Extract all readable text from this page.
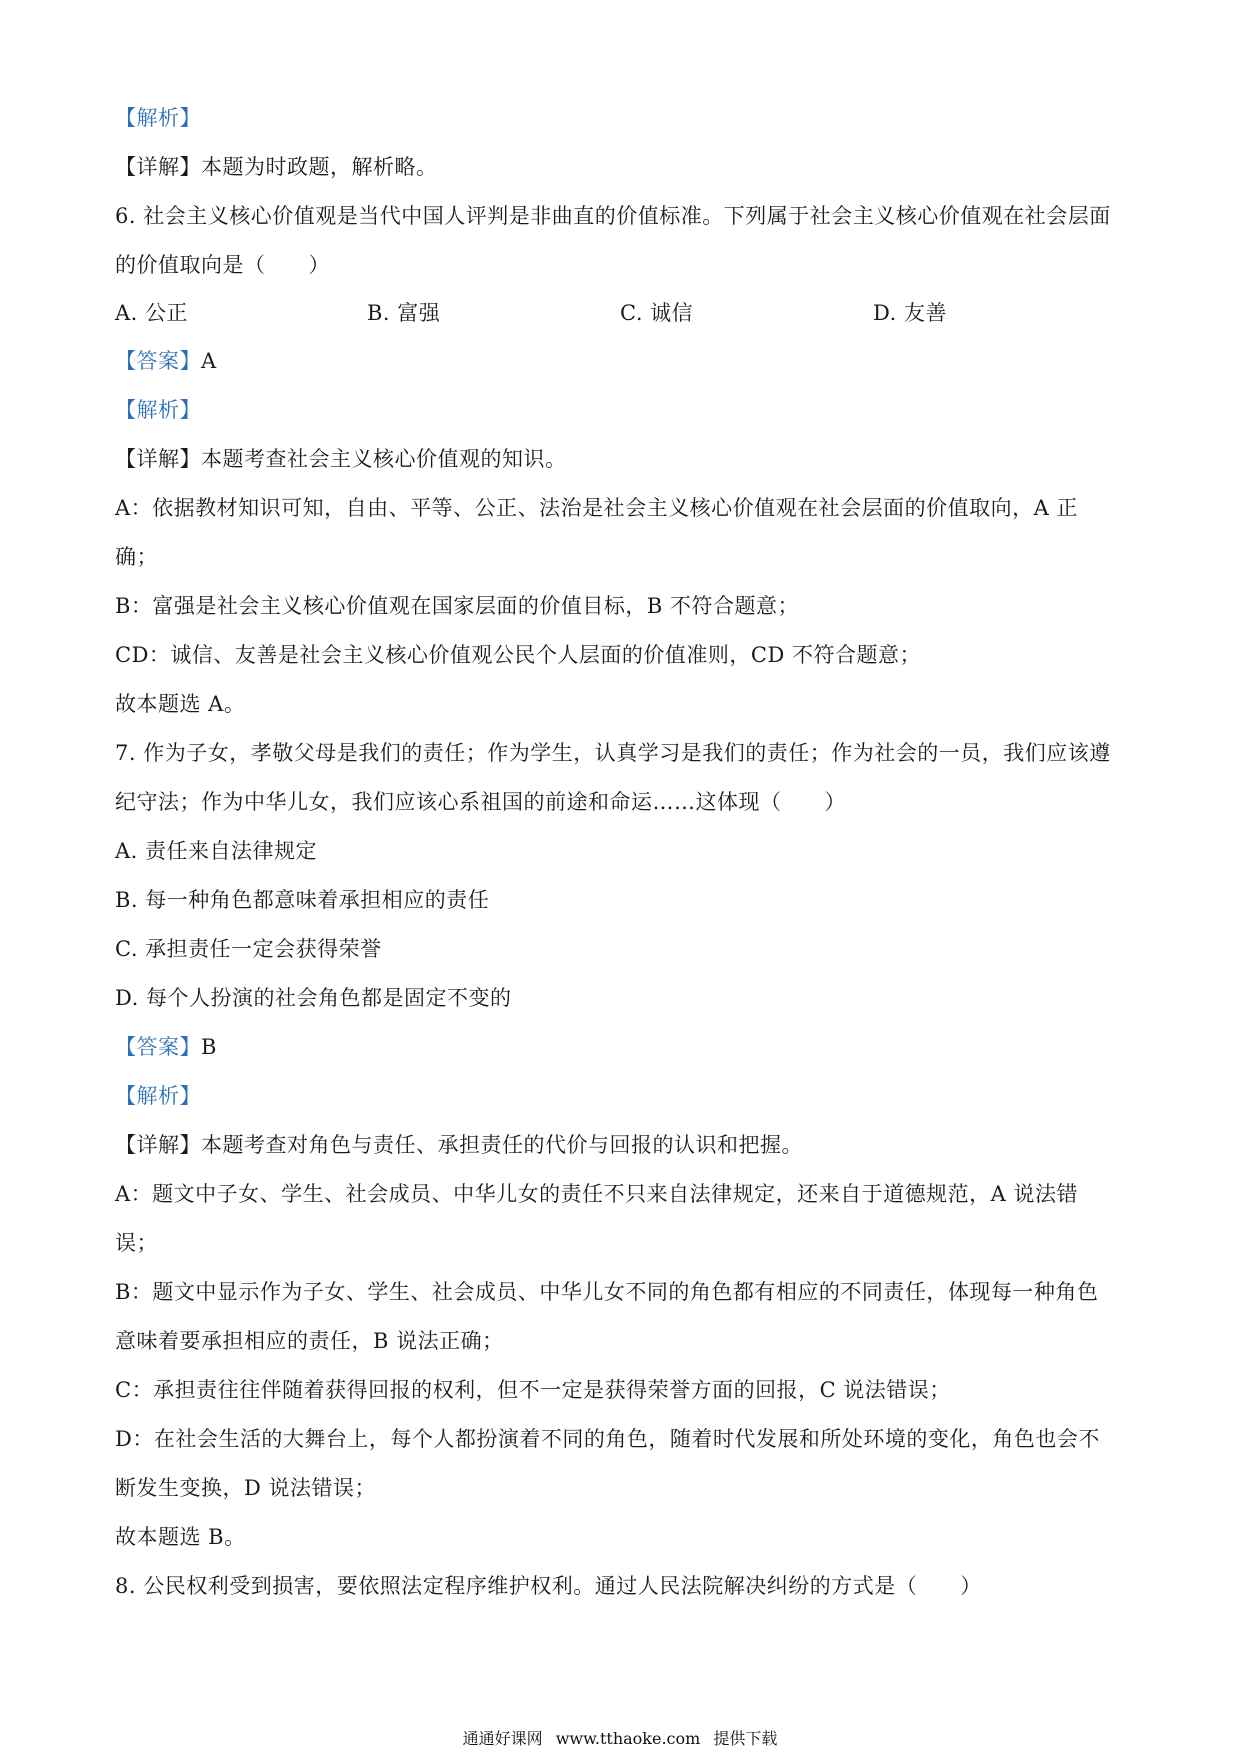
【解析】
【详解】本题为时政题，解析略。
6. 社会主义核心价值观是当代中国人评判是非曲直的价值标准。下列属于社会主义核心价值观在社会层面
的价值取向是（　　）
A. 公正	B. 富强	C. 诚信	D. 友善
【答案】A
【解析】
【详解】本题考查社会主义核心价值观的知识。
A：依据教材知识可知，自由、平等、公正、法治是社会主义核心价值观在社会层面的价值取向，A 正
确；
B：富强是社会主义核心价值观在国家层面的价值目标，B 不符合题意；
CD：诚信、友善是社会主义核心价值观公民个人层面的价值准则，CD 不符合题意；
故本题选 A。
7. 作为子女，孝敬父母是我们的责任；作为学生，认真学习是我们的责任；作为社会的一员，我们应该遵
纪守法；作为中华儿女，我们应该心系祖国的前途和命运……这体现（　　）
A. 责任来自法律规定
B. 每一种角色都意味着承担相应的责任
C. 承担责任一定会获得荣誉
D. 每个人扮演的社会角色都是固定不变的
【答案】B
【解析】
【详解】本题考查对角色与责任、承担责任的代价与回报的认识和把握。
A：题文中子女、学生、社会成员、中华儿女的责任不只来自法律规定，还来自于道德规范，A 说法错
误；
B：题文中显示作为子女、学生、社会成员、中华儿女不同的角色都有相应的不同责任，体现每一种角色
意味着要承担相应的责任，B 说法正确；
C：承担责往往伴随着获得回报的权利，但不一定是获得荣誉方面的回报，C 说法错误；
D：在社会生活的大舞台上，每个人都扮演着不同的角色，随着时代发展和所处环境的变化，角色也会不
断发生变换，D 说法错误；
故本题选 B。
8. 公民权利受到损害，要依照法定程序维护权利。通过人民法院解决纠纷的方式是（　　）
通通好课网 www.tthaoke.com 提供下载
